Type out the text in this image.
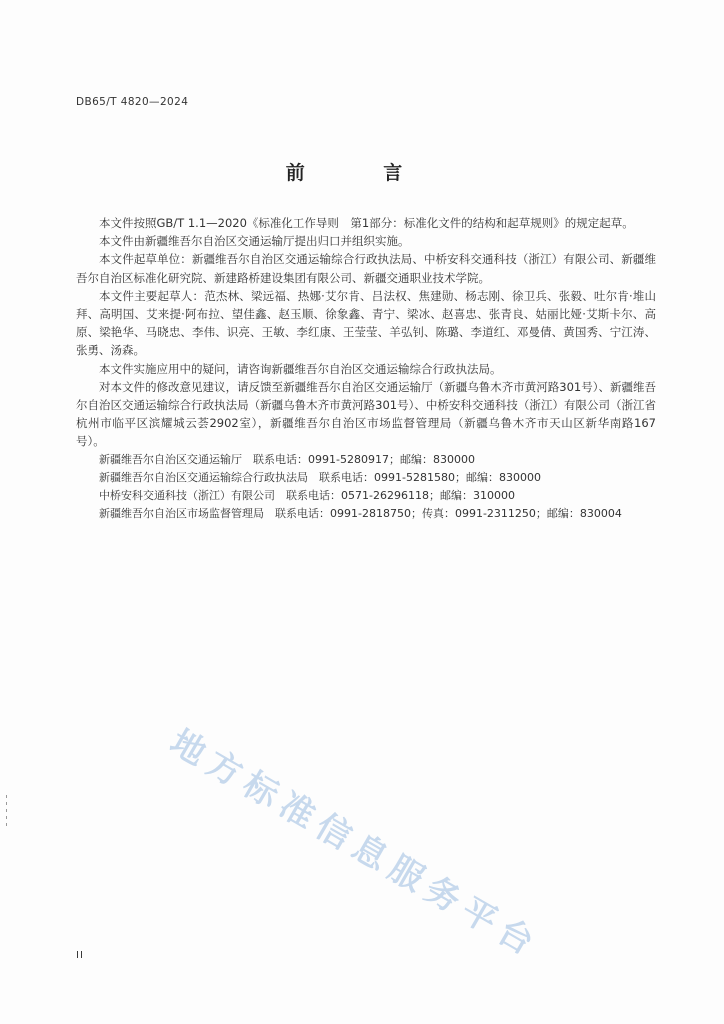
DB65/T 4820—2024
前 言

本文件按照GB/T 1.1—2020《标准化工作导则　第1部分：标准化文件的结构和起草规则》的规定起草。

本文件由新疆维吾尔自治区交通运输厅提出归口并组织实施。

本文件起草单位：新疆维吾尔自治区交通运输综合行政执法局、中桥安科交通科技（浙江）有限公司、新疆维吾尔自治区标准化研究院、新建路桥建设集团有限公司、新疆交通职业技术学院。

本文件主要起草人：范杰林、梁远福、热娜·艾尔肯、吕法权、焦建勋、杨志刚、徐卫兵、张毅、吐尔肯·堆山拜、高明国、艾来提·阿布拉、望佳鑫、赵玉顺、徐象鑫、青宁、梁冰、赵喜忠、张青良、姑丽比娅·艾斯卡尔、高原、梁艳华、马晓忠、李伟、识亮、王敏、李红康、王莹莹、羊弘钊、陈璐、李道红、邓曼倩、黄国秀、宁江涛、张勇、汤森。

本文件实施应用中的疑问，请咨询新疆维吾尔自治区交通运输综合行政执法局。

对本文件的修改意见建议，请反馈至新疆维吾尔自治区交通运输厅（新疆乌鲁木齐市黄河路301号）、新疆维吾尔自治区交通运输综合行政执法局（新疆乌鲁木齐市黄河路301号）、中桥安科交通科技（浙江）有限公司（浙江省杭州市临平区滨耀城云荟2902室），新疆维吾尔自治区市场监督管理局（新疆乌鲁木齐市天山区新华南路167号）。

新疆维吾尔自治区交通运输厅　联系电话：0991-5280917；邮编：830000

新疆维吾尔自治区交通运输综合行政执法局　联系电话：0991-5281580；邮编：830000

中桥安科交通科技（浙江）有限公司　联系电话：0571-26296118；邮编：310000

新疆维吾尔自治区市场监督管理局　联系电话：0991-2818750；传真：0991-2311250；邮编：830004

地方标准信息服务平台
II
